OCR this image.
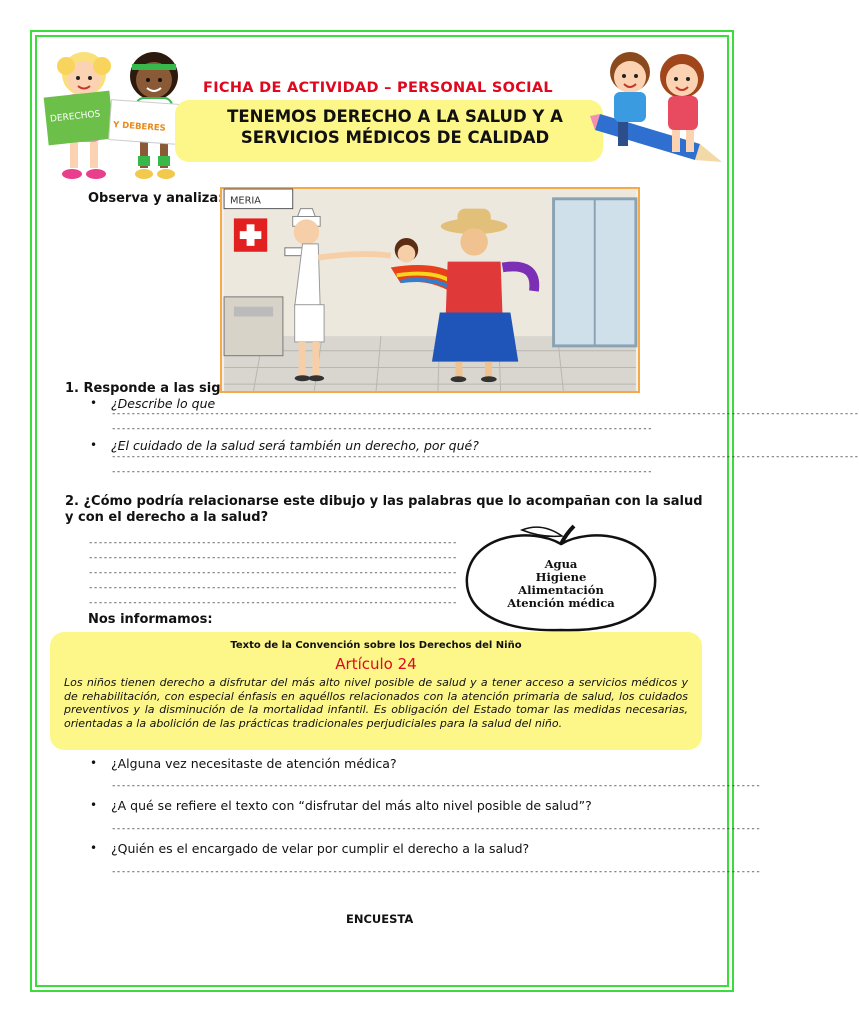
DERECHOS
Y DEBERES
FICHA DE ACTIVIDAD – PERSONAL SOCIAL
TENEMOS DERECHO A LA SALUD Y A
SERVICIOS MÉDICOS DE CALIDAD
Observa y analiza: MERIA
1. Responde a las sig
• ¿Describe lo que
--------------------------------------------------------------------------------------------------------------------------------------------------------
--------------------------------------------------------------------------------------------------------------
• ¿El cuidado de la salud será también un derecho, por qué?
--------------------------------------------------------------------------------------------------------------------------------------------------------
--------------------------------------------------------------------------------------------------------------
2. ¿Cómo podría relacionarse este dibujo y las palabras que lo acompañan con la salud
y con el derecho a la salud?
---------------------------------------------------------------------------
---------------------------------------------------------------------------
---------------------------------------------------------------------------
---------------------------------------------------------------------------
---------------------------------------------------------------------------
Agua
Higiene
Alimentación
Atención médica
Nos informamos:
Texto de la Convención sobre los Derechos del Niño
Artículo 24
Los niños tienen derecho a disfrutar del más alto nivel posible de salud y a tener acceso a servicios médicos y de rehabilitación, con especial énfasis en aquéllos relacionados con la atención primaria de salud, los cuidados preventivos y la disminución de la mortalidad infantil. Es obligación del Estado tomar las medidas necesarias, orientadas a la abolición de las prácticas tradicionales perjudiciales para la salud del niño.
• ¿Alguna vez necesitaste de atención médica?
------------------------------------------------------------------------------------------------------------------------------------
• ¿A qué se refiere el texto con “disfrutar del más alto nivel posible de salud”?
------------------------------------------------------------------------------------------------------------------------------------
• ¿Quién es el encargado de velar por cumplir el derecho a la salud?
------------------------------------------------------------------------------------------------------------------------------------
ENCUESTA
